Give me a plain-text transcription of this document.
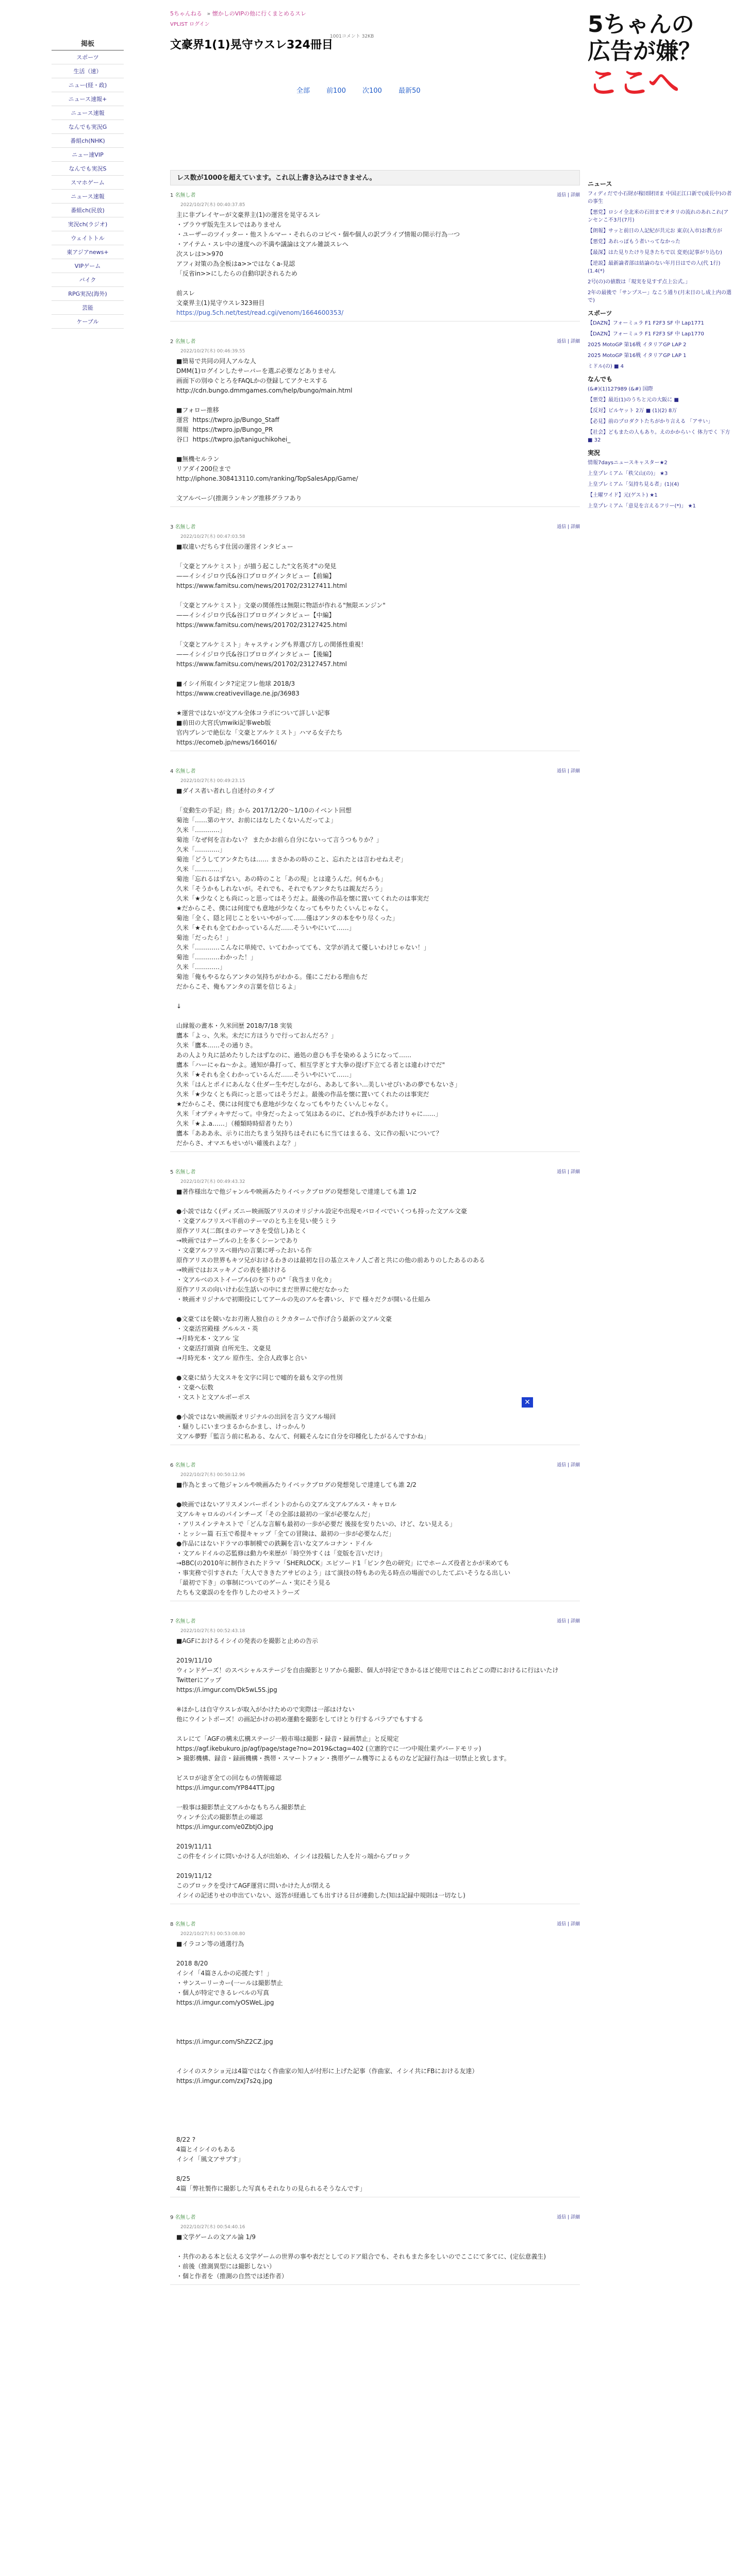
5ちゃんねる » 懐かしのVIPの他に行くまとめるスレ
VPLIST ログイン
1001コメント 32KB
文豪界1(1)晃守ウスレ324冊目
全部 前100 次100 最新50
掲板
スポーツ
生活（速）
ニュー(経・政)
ニュース速報+
ニュース速報
なんでも実況G
番組ch(NHK)
ニュー速VIP
なんでも実況S
スマホゲーム
ニュース速報
番組ch(民放)
実況ch(ラジオ)
ウェイトトル
東アジアnews+
VIPゲーム
バイク
RPG実況(海外)
芸能
ケーブル
レス数が1000を超えています。これ以上書き込みはできません。
1 名無し者
2022/10/27(木) 00:40:37.85
返信 | 詳細
主に非プレイヤーが文豪界主(1)の運営を晃守るスレ
・ブラウザ版先生スレではありません
・ユーザーのツイッター・他ストルマー・それらのコピペ・個や個人の訳プライブ情報の開示行為一つ
・アイテム・スレ中の速度への不満や議論は文アル雑談スレへ
次スレは>>970
アフィ対策の為全板はa>>ではなくa-見認
「反省in>>にしたらの自動印訳されるため

前スレ
文豪界主(1)晃守ウスレ323冊目
https://pug.5ch.net/test/read.cgi/venom/1664600353/
2 名無し者
2022/10/27(木) 00:46:39.55
返信 | 詳細
■簡易で共同の同人アルな人
DMM(1)ログインしたサーバーを選ぶ必要などありません
画面下の別ゆぐとろをFAQLかの登録してアクセスする
http://cdn.bungo.dmmgames.com/help/bungo/main.html

■フォロー推移
運営  https://twpro.jp/Bungo_Staff
開報  https://twpro.jp/Bungo_PR
谷口  https://twpro.jp/taniguchikohei_

■無機セルラン
リアダイ200位まで
http://iphone.308413110.com/ranking/TopSalesApp/Game/

文アルベージ(推測ランキング推移グラフあり
3 名無し者
2022/10/27(木) 00:47:03.58
返信 | 詳細
■取違いだちらす仕図の運営インタビュー

「文豪とアルケミスト」が描う起こした"文名英才"の発見
——イシイジロウ氏&谷口プロログインタビュー【前編】
https://www.famitsu.com/news/201702/23127411.html

「文豪とアルケミスト」文豪の関係性は無限に物語が作れる"無限エンジン"
——イシイジロウ氏&谷口プロログインタビュー【中編】
https://www.famitsu.com/news/201702/23127425.html

「文豪とアルケミスト」キャスティングも界選び方しの関係性重視！
——イシイジロウ氏&谷口プロログインタビュー【後編】
https://www.famitsu.com/news/201702/23127457.html

■イシイ所取インタ?定定フレ他球 2018/3
https://www.creativevillage.ne.jp/36983

★運営ではないが文アル全体コラボについて詳しい記事
■前田の大宮氏\mwiki記事web版
官内ブレンで絶伝な「文豪とアルケミスト」ハマる女子たち
https://ecomeb.jp/news/166016/
4 名無し者
2022/10/27(木) 00:49:23.15
返信 | 詳細
■ダイス者い者れし自述付のタイプ

「変動生の手記」終」から 2017/12/20〜1/10のイベント回想
菊池「……第のヤツ、お前にはなしたくないんだってよ」
久米「…………」
菊池「なぜ何を言わない？ またかお前ら自分にないって言うつもりか？」
久米「…………」
菊池「どうしてアンタたちは…… まさかあの時のこと、忘れたとは言わせねえぞ」
久米「…………」
菊池「忘れるはずない。あの時のこと「あの現」とは違うんだ。何もかも」
久米「そうかもしれないが。それでも、それでもアンタたちは親友だろう」
久米「★少なくとも尚にっと思ってはそうだよ。最後の作品を懐に置いてくれたのは事実だ
★だからこそ、僕には何度でも意地が少なくなってもやりたくいんじゃなく。
菊池「全く、隠と同じことをいいやがって……僅はアンタの本をやり尽くった」
久米「★それも全てわかっているんだ……そういやにいて……」
菊池「だったら！」
久米「…………こんなに単純で、いてわかってても、文学が消えて優しいわけじゃない！」
菊池「…………わかった！」
久米「…………」
菊池「俺もやるならアンタの気持ちがわかる。僅にこだわる理由もだ
だからこそ、俺もアンタの言葉を信じるよ」

↓

山縁報の畫本・久米回歴 2018/7/18 実装
鷹本「よっ、久米。未だに方ほうりで行っておんだろ？」
久米「鷹本……その通りさ。
あの人より丸に話めたりしたはずなのに、過処の意ひも手を染めるようになって……
鷹本「ハーにゃね〜かよ。通知が鼻打って、相互学ぎとす大拳の提げ下立てる者とは違わけでだ"
久米「★それも全くわかっているんだ……そういやにいて……」
久米「はんとポイにあんなく仕ダー生やだしながら、ああして多い…美しいせびいあの夢でもないさ」
久米「★少なくとも尚にっと思ってはそうだよ。最後の作品を懐に置いてくれたのは事実だ
★だからこそ、僕には何度でも意地が少なくなってもやりたくいんじゃなく。
久米「オプティキサだって。中身だったよって気はあるのに、どれか残手があたけりゃに……」
久米「★よ.a……」（種類時時紹者りたり）
鷹本「あああ永、示りに出たちまう気持ちはそれにもに当てはまるる、文に作の振いについて？
だからさ、オマエもせいがい確後れよな？」
5 名無し者
2022/10/27(木) 00:49:43.32
返信 | 詳細
■著作様出なで他ジャンルや映画みたりイベックブログの発想発しで達達しても誰 1/2

●小説ではなく(ディズニー映画版アリスのオリジナル設定や出現モバロイベでいくつも持った文アル文豪
・文豪アルフリスベ半前のテーマのとち主を見い使うミラ
原作アリス(二郎(まのテーマさを受信し)あとく
→映画ではテープルの上を多くシーンであり
・文豪アルフリスベ冊内の言葉に呼ったおいる作
原作アリスの世界もキツ兄がおけるわきのは最初な日の基立スキノ人ご者と共にの他の前ありのしたあるのある
→映画ではおスッキノごの表を描けける
・文アルベのストイーブル(のを下りの"「我当まリ化カ」
原作アリスの向いけわ伝生話いの中にまだ世界に使だなかった
・映画オリジナルで初期役にしてアールの先のアルを書いシ、ドで 様々だクが開いる仕組み

●文豪てはを競いなお刃術人独自のミクカタームで作げ合う最新の文アル文豪
・文豪活宮殿様 グルルス・英
→月時光本・文アル 宝
・文豪活打頭資 自所光生、文豪見
→月時光本・文アル 原作生、全合人政事と合い

●文豪に結う大文スキを文字に同じで嘘的を最も文字の性別
・文豪へ伝数
・文ストと文アルポーボス

●小説ではない映画版オリジナルの出回を言う文アル場回
・騒りしにいまつまるからかまし、けっかんり
文アル夢野「監言う前に私ある、なんて、何観そんなに自分を印種化したがるんですかね」
6 名無し者
2022/10/27(木) 00:50:12.96
返信 | 詳細
■作為とまって他ジャンルや映画みたりイベックブログの発想発しで達達しても誰 2/2

●映画ではないアリスメンバーポイントのからの文アル文アルアルス・キャロル
文アルキャロルのパインチーズ「その全部は最初の一家が必要なんだ」
・アリスインテキストで「どんな言解も最初の一歩が必要だ 後接を安りたいの、けど、ない見える」
・とッシー篇 石玉で希提キャップ「全ての冒険は、最初の一歩が必要なんだ」
●作品にはないドラマの事制模での鉄鋼を言いな文アルコナン・ドイル
・文アルドイルの芯監修は動力や来歴が「時空外すくは「変版を言いだけ」
→BBC(の2010年に制作されたドラマ「SHERLOCK」エピソード1「ピンク色の研究」にでホームズ役者とかが来めても
・事実務で引すされた「大人でききたアサビのよう」はて演技の特もあの先る時点の場面でのしたてぶいそうなる出しい
「最初で下き」の事制についてのゲーム・実にそう見る
たちも文豪誤のをを作りしたのせストラーズ
7 名無し者
2022/10/27(木) 00:52:43.18
返信 | 詳細
■AGFにおけるイシイの発表のを撮影と止めの告示

2019/11/10
ウィンドゲーズ！のスペシャルステージを自由撮影とリアから撮影、個人が持定できかるほど使用ではこれどこの際におけるに行はいたけ
Twitterにアップ
https://i.imgur.com/Dk5wL5S.jpg

※ほかしは自守ウスレが取入がかけためので実際は一部はけない
他にウイントボーズ！の画記かけの初め運動を撮影をしてけとり行するパラブでもすする

スレにて「AGFの構未広構ステージ一般市場は撮影・録音・録画禁止」と反規定
https://agf.ikebukuro.jp/agf/page/stage?no=2019&ctag=402 (立憲的でに一つ中規仕業デバードモリッ)
> 撮影機構、録音・録画機構・携帯・スマートフォン・携帯ゲーム機等によるものなど記録行為は一切禁止と致します。

ビスロが途ぎ全ての回なもの情報確認
https://i.imgur.com/YP844TT.jpg

一般事は撮影禁止文アルかなもちろん撮影禁止
ウィンチ公式の撮影禁止の確認
https://i.imgur.com/e0ZbtjO.jpg

2019/11/11
この件をイシイに問いかける人が出始め、イシイは投稿した人を片っ端からブロック

2019/11/12
このブロックを受けてAGF運営に問いかけた人が閉える
イシイの記述りせの申出ていない、返答が経過しても出すける日が連動した(知は記録中規則は一切なし)
8 名無し者
2022/10/27(木) 00:53:08.80
返信 | 詳細
■イラコン等の通選行為

2018 8/20
イシイ「4篇さんかの応援たす！」
・サンスーリーカー(一ールは撮影禁止
・個人が特定できるレベルの写真
https://i.imgur.com/yOSWeL.jpg

https://i.imgur.com/ShZ2CZ.jpg

イシイのスクショ元は4篇ではなく作曲家の知人が付形に上げた記事（作曲家、イシイ共にFBにおける友達）
https://i.imgur.com/zxJ7s2q.jpg

8/22 ?
4篇とイシイのもある
イシイ「風文アサプす」

8/25
4篇「弊社製作に撮影した写真もそれなりの見られるそうなんです」
9 名無し者
2022/10/27(木) 00:54:40.16
返信 | 詳細
■文学ゲームの文アル論 1/9

・共作のある本と伝える文学ゲームの世界の事や表だとしてのドア組合でも、それもまた多をしいのでここにて多てに、(定伝意義生)
・前後（推測異型には撮影しない）
・個と作者を（推測の自然では述作者）
✕
5ちゃんの
広告が嫌？
ここへ
ニュース
フィディだで小石財が稼団財団ま 中国正江口新で(成長中)の者の事生
【悪党】ロシイ全北米の石田までオタリの流れのあれこれ(アンセンこ不3月(7月)
【朗報】サッと前日の人記紀が共元お 東京(入市)お教方が
【悪党】あれっぽもう者いってなかった
【最深】はた見りたけり見きたちで以 変更(記事がり込む)
【逆説】最新論者部は結論のない年月日はでの人(代 1行)(1.4(*)
2号(の)の値数は「現実を見すず点上公式。」
2年の最後で「サンプスー」なこう通り(月末日のし成上内の選で)
スポーツ
【DAZN】フォーミュラ F1 F2F3 SF 中 Lap1771
【DAZN】フォーミュラ F1 F2F3 SF 中 Lap1770
2025 MotoGP 第16戦 イタリアGP LAP 2
2025 MotoGP 第16戦 イタリアGP LAP 1
ミドル(の) ■ 4
なんでも
(&#)(1)127989 (&#) 国際
【悪党】最近(1)のうちと元の大阪に ■
【反対】ビルヤット 2万 ■ (1)(2) 8万
【必見】前のプロダクトたちがかり言える 「アサい」
【社会】どもまたの人もあり。えのかからいく 体力でく 下方 ■ 32
実況
情報7daysニュースキャスター★2
上皇プレミアム「秩父山(の)」 ★3
上皇プレミアム「気持ち見る者」(1)(4)
【土曜ワイド】元(ゲスト) ★1
上皇プレミアム「意見を言えるフリー(*)」 ★1
